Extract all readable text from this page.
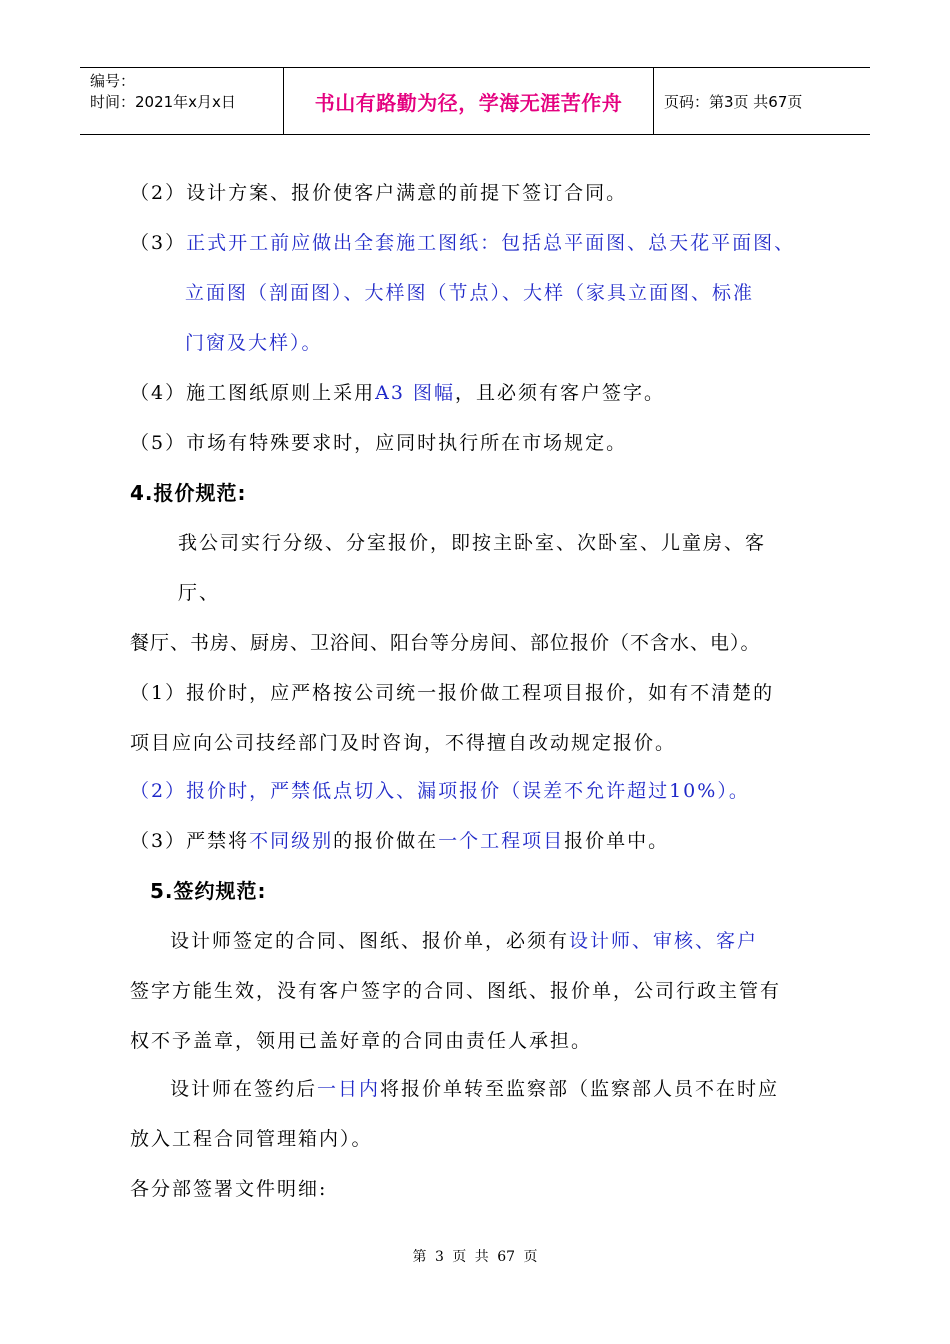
编号：
时间：2021年x月x日	书山有路勤为径，学海无涯苦作舟	页码：第3页 共67页
（2）设计方案、报价使客户满意的前提下签订合同。
（3）正式开工前应做出全套施工图纸：包括总平面图、总天花平面图、
立面图（剖面图）、大样图（节点）、大样（家具立面图、标准
门窗及大样）。
（4）施工图纸原则上采用A3 图幅，且必须有客户签字。
（5）市场有特殊要求时，应同时执行所在市场规定。
4.报价规范:
我公司实行分级、分室报价，即按主卧室、次卧室、儿童房、客
厅、
餐厅、书房、厨房、卫浴间、阳台等分房间、部位报价（不含水、电）。
（1）报价时，应严格按公司统一报价做工程项目报价，如有不清楚的
项目应向公司技经部门及时咨询，不得擅自改动规定报价。
（2）报价时，严禁低点切入、漏项报价（误差不允许超过10%）。
（3）严禁将不同级别的报价做在一个工程项目报价单中。
5.签约规范:
设计师签定的合同、图纸、报价单，必须有设计师、审核、客户
签字方能生效，没有客户签字的合同、图纸、报价单，公司行政主管有
权不予盖章，领用已盖好章的合同由责任人承担。
设计师在签约后一日内将报价单转至监察部（监察部人员不在时应
放入工程合同管理箱内）。
各分部签署文件明细:
第 3 页 共 67 页
